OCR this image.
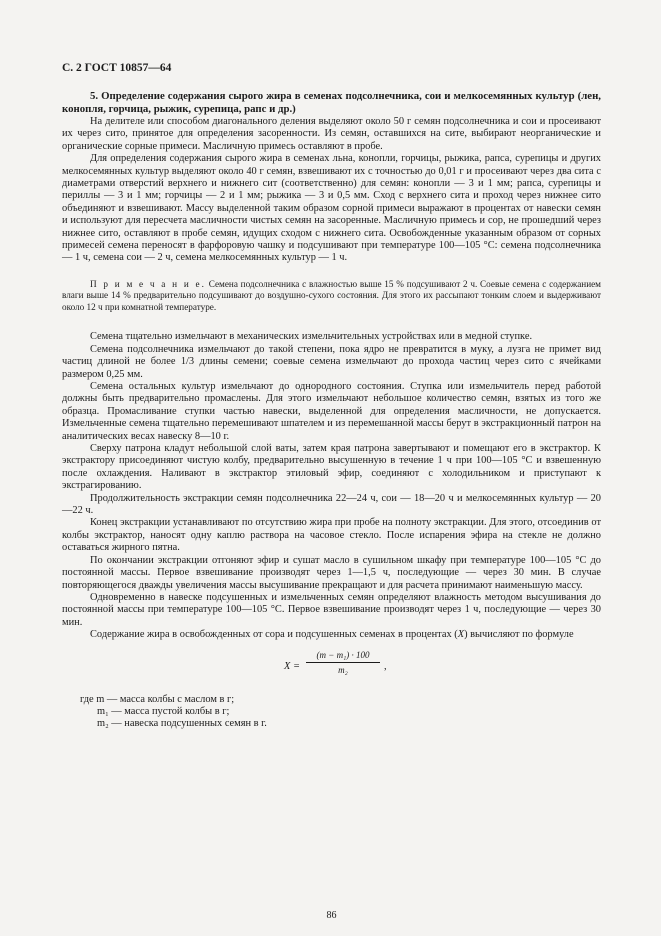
С. 2 ГОСТ 10857—64

5. Определение содержания сырого жира в семенах подсолнечника, сои и мелкосемянных культур (лен, конопля, горчица, рыжик, сурепица, рапс и др.)

На делителе или способом диагонального деления выделяют около 50 г семян подсолнечника и сои и просеивают их через сито, принятое для определения засоренности. Из семян, оставшихся на сите, выбирают неорганические и органические сорные примеси. Масличную примесь оставляют в пробе.

Для определения содержания сырого жира в семенах льна, конопли, горчицы, рыжика, рапса, сурепицы и других мелкосемянных культур выделяют около 40 г семян, взвешивают их с точностью до 0,01 г и просеивают через два сита с диаметрами отверстий верхнего и нижнего сит (соответственно) для семян: конопли — 3 и 1 мм; рапса, сурепицы и периллы — 3 и 1 мм; горчицы — 2 и 1 мм; рыжика — 3 и 0,5 мм. Сход с верхнего сита и проход через нижнее сито объединяют и взвешивают. Массу выделенной таким образом сорной примеси выражают в процентах от навески семян и используют для пересчета масличности чистых семян на засоренные. Масличную примесь и сор, не прошедший через нижнее сито, оставляют в пробе семян, идущих сходом с нижнего сита. Освобожденные указанным образом от сорных примесей семена переносят в фарфоровую чашку и подсушивают при температуре 100—105 °С: семена подсолнечника — 1 ч, семена сои — 2 ч, семена мелкосемянных культур — 1 ч.

П р и м е ч а н и е. Семена подсолнечника с влажностью выше 15 % подсушивают 2 ч. Соевые семена с содержанием влаги выше 14 % предварительно подсушивают до воздушно-сухого состояния. Для этого их рассыпают тонким слоем и выдерживают около 12 ч при комнатной температуре.

Семена тщательно измельчают в механических измельчительных устройствах или в медной ступке.

Семена подсолнечника измельчают до такой степени, пока ядро не превратится в муку, а лузга не примет вид частиц длиной не более 1/3 длины семени; соевые семена измельчают до прохода частиц через сито с ячейками размером 0,25 мм.

Семена остальных культур измельчают до однородного состояния. Ступка или измельчитель перед работой должны быть предварительно промаслены. Для этого измельчают небольшое количество семян, взятых из того же образца. Промасливание ступки частью навески, выделенной для определения масличности, не допускается. Измельченные семена тщательно перемешивают шпателем и из перемешанной массы берут в экстракционный патрон на аналитических весах навеску 8—10 г.

Сверху патрона кладут небольшой слой ваты, затем края патрона завертывают и помещают его в экстрактор. К экстрактору присоединяют чистую колбу, предварительно высушенную в течение 1 ч при 100—105 °С и взвешенную после охлаждения. Наливают в экстрактор этиловый эфир, соединяют с холодильником и приступают к экстрагированию.

Продолжительность экстракции семян подсолнечника 22—24 ч, сои — 18—20 ч и мелкосемянных культур — 20—22 ч.

Конец экстракции устанавливают по отсутствию жира при пробе на полноту экстракции. Для этого, отсоединив от колбы экстрактор, наносят одну каплю раствора на часовое стекло. После испарения эфира на стекле не должно оставаться жирного пятна.

По окончании экстракции отгоняют эфир и сушат масло в сушильном шкафу при температуре 100—105 °С до постоянной массы. Первое взвешивание производят через 1—1,5 ч, последующие — через 30 мин. В случае повторяющегося дважды увеличения массы высушивание прекращают и для расчета принимают наименьшую массу.

Одновременно в навеске подсушенных и измельченных семян определяют влажность методом высушивания до постоянной массы при температуре 100—105 °С. Первое взвешивание производят через 1 ч, последующие — через 30 мин.

Содержание жира в освобожденных от сора и подсушенных семенах в процентах (X) вычисляют по формуле

$X = \frac{\text{(m − m₁) · 100}}{\text{m₂}}$ ,

где m — масса колбы с маслом в г;

m₁ — масса пустой колбы в г;

m₂ — навеска подсушенных семян в г.

86
